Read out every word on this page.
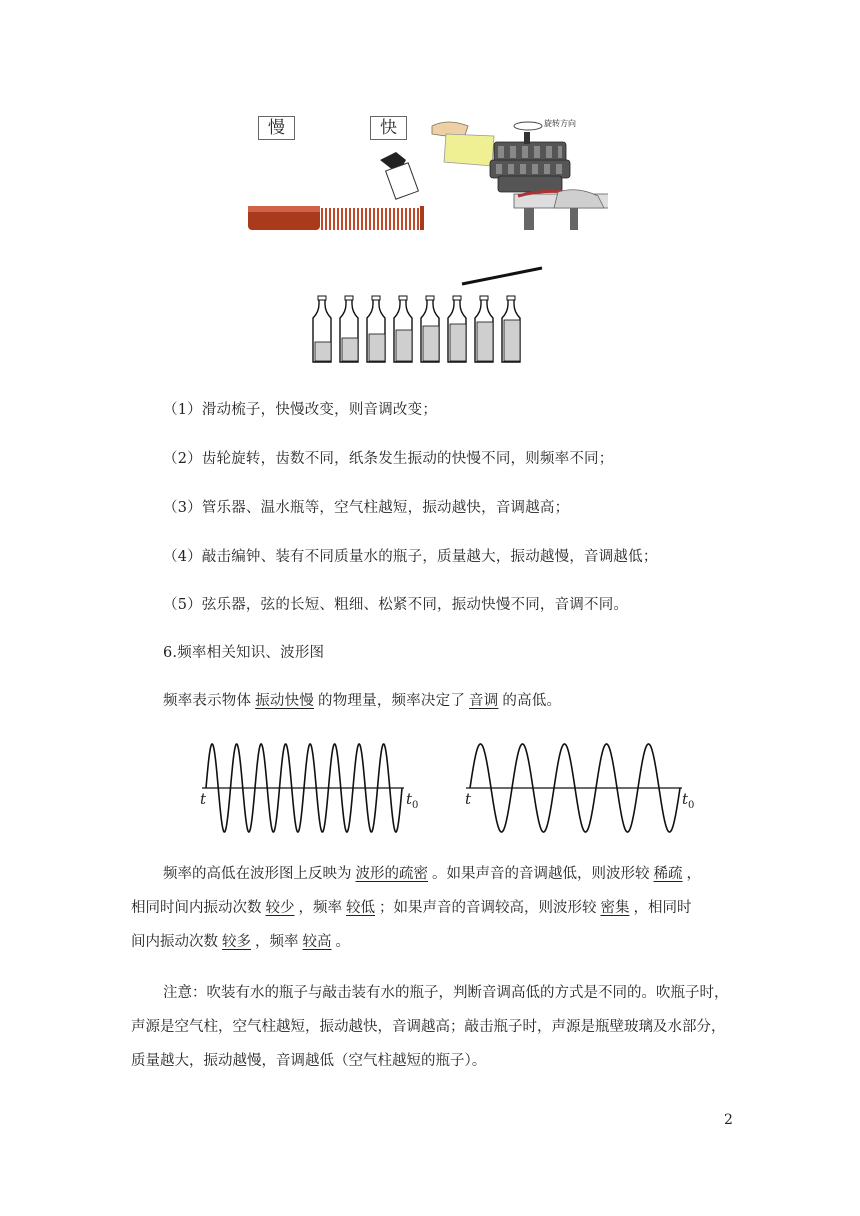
慢	快	旋转方向
（1）滑动梳子，快慢改变，则音调改变；
（2）齿轮旋转，齿数不同，纸条发生振动的快慢不同，则频率不同；
（3）管乐器、温水瓶等，空气柱越短，振动越快，音调越高；
（4）敲击编钟、装有不同质量水的瓶子，质量越大，振动越慢，音调越低；
（5）弦乐器，弦的长短、粗细、松紧不同，振动快慢不同，音调不同。
6.频率相关知识、波形图
频率表示物体 振动快慢 的物理量，频率决定了 音调 的高低。
t	$t_0$	t	$t_0$
频率的高低在波形图上反映为 波形的疏密 。如果声音的音调越低，则波形较 稀疏 ，
相同时间内振动次数 较少 ，频率 较低 ；如果声音的音调较高，则波形较 密集 ，相同时
间内振动次数 较多 ，频率 较高 。
注意：吹装有水的瓶子与敲击装有水的瓶子，判断音调高低的方式是不同的。吹瓶子时，
声源是空气柱，空气柱越短，振动越快，音调越高；敲击瓶子时，声源是瓶壁玻璃及水部分，
质量越大，振动越慢，音调越低（空气柱越短的瓶子）。
2
